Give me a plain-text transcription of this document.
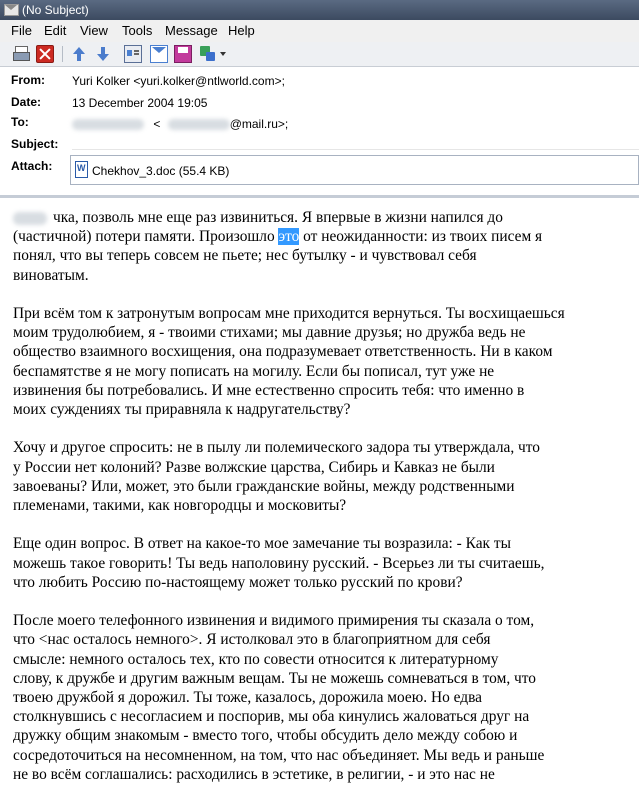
(No Subject)
File Edit View Tools Message Help
From: Yuri Kolker <yuri.kolker@ntlworld.com>;
Date:	13 December 2004 19:05
To:	<	@mail.ru>;
Subject:
Attach: W	Chekhov_3.doc (55.4 KB)

чка, позволь мне еще раз извиниться. Я впервые в жизни напился до
(частичной) потери памяти. Произошло это от неожиданности: из твоих писем я
понял, что вы теперь совсем не пьете; нес бутылку - и чувствовал себя
виноватым.

При всём том к затронутым вопросам мне приходится вернуться. Ты восхищаешься
моим трудолюбием, я - твоими стихами; мы давние друзья; но дружба ведь не
общество взаимного восхищения, она подразумевает ответственность. Ни в каком
беспамятстве я не могу пописать на могилу. Если бы пописал, тут уже не
извинения бы потребовались. И мне естественно спросить тебя: что именно в
моих суждениях ты приравняла к надругательству?

Хочу и другое спросить: не в пылу ли полемического задора ты утверждала, что
у России нет колоний? Разве волжские царства, Сибирь и Кавказ не были
завоеваны? Или, может, это были гражданские войны, между родственными
племенами, такими, как новгородцы и московиты?

Еще один вопрос. В ответ на какое-то мое замечание ты возразила: - Как ты
можешь такое говорить! Ты ведь наполовину русский. - Всерьез ли ты считаешь,
что любить Россию по-настоящему может только русский по крови?

После моего телефонного извинения и видимого примирения ты сказала о том,
что <нас осталось немного>. Я истолковал это в благоприятном для себя
смысле: немного осталось тех, кто по совести относится к литературному
слову, к дружбе и другим важным вещам. Ты не можешь сомневаться в том, что
твоею дружбой я дорожил. Ты тоже, казалось, дорожила моею. Но едва
столкнувшись с несогласием и поспорив, мы оба кинулись жаловаться друг на
дружку общим знакомым - вместо того, чтобы обсудить дело между собою и
сосредоточиться на несомненном, на том, что нас объединяет. Мы ведь и раньше
не во всём соглашались: расходились в эстетике, в религии, - и это нас не
